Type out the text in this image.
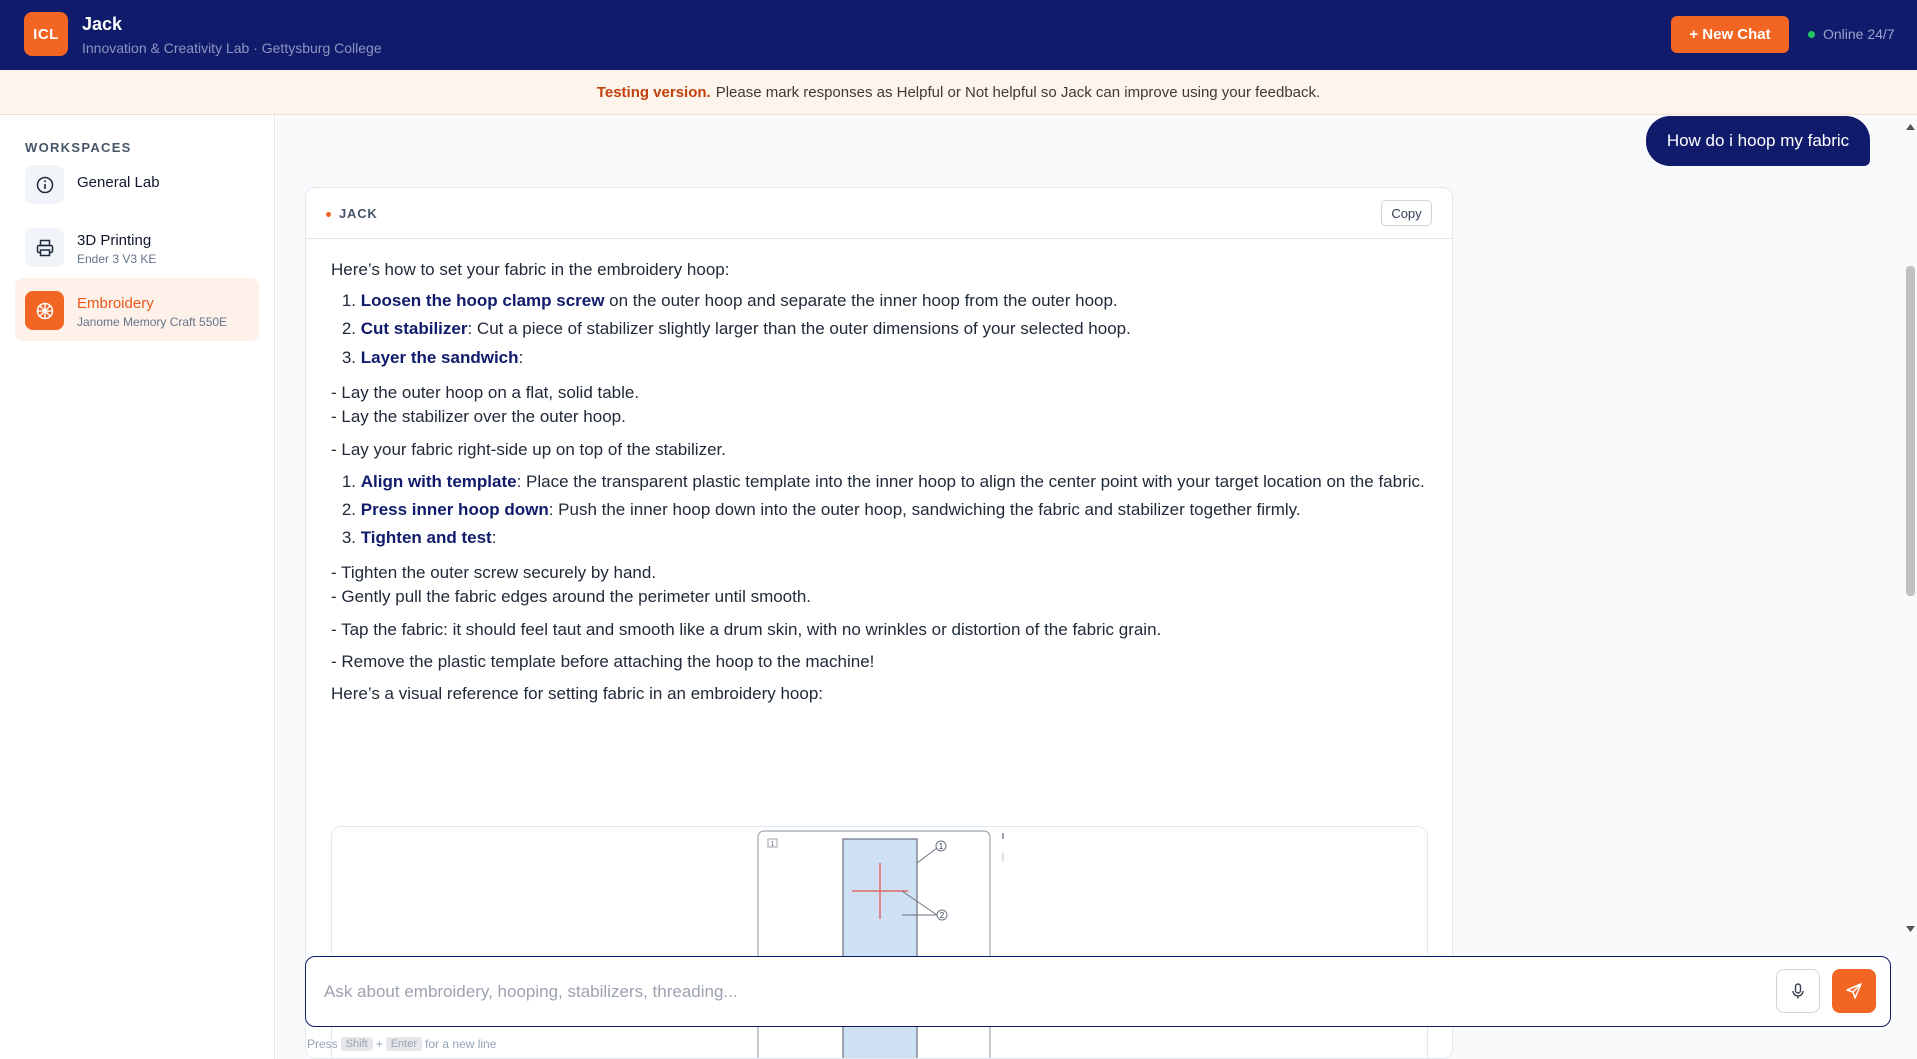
ICL	Jack
Innovation & Creativity Lab · Gettysburg College
+ New Chat	Online 24/7
Testing version. Please mark responses as Helpful or Not helpful so Jack can improve using your feedback.
WORKSPACES
General Lab
3D Printing
Ender 3 V3 KE
Embroidery
Janome Memory Craft 550E
How do i hoop my fabric
JACK	Copy
Here’s how to set your fabric in the embroidery hoop:
1. Loosen the hoop clamp screw on the outer hoop and separate the inner hoop from the outer hoop.
2. Cut stabilizer: Cut a piece of stabilizer slightly larger than the outer dimensions of your selected hoop.
3. Layer the sandwich:
- Lay the outer hoop on a flat, solid table.
- Lay the stabilizer over the outer hoop.
- Lay your fabric right-side up on top of the stabilizer.
1. Align with template: Place the transparent plastic template into the inner hoop to align the center point with your target location on the fabric.
2. Press inner hoop down: Push the inner hoop down into the outer hoop, sandwiching the fabric and stabilizer together firmly.
3. Tighten and test:
- Tighten the outer screw securely by hand.
- Gently pull the fabric edges around the perimeter until smooth.
- Tap the fabric: it should feel taut and smooth like a drum skin, with no wrinkles or distortion of the fabric grain.
- Remove the plastic template before attaching the hoop to the machine!
Here’s a visual reference for setting fabric in an embroidery hoop:
1	1
2
Ask about embroidery, hooping, stabilizers, threading...
Press Shift + Enter for a new line
